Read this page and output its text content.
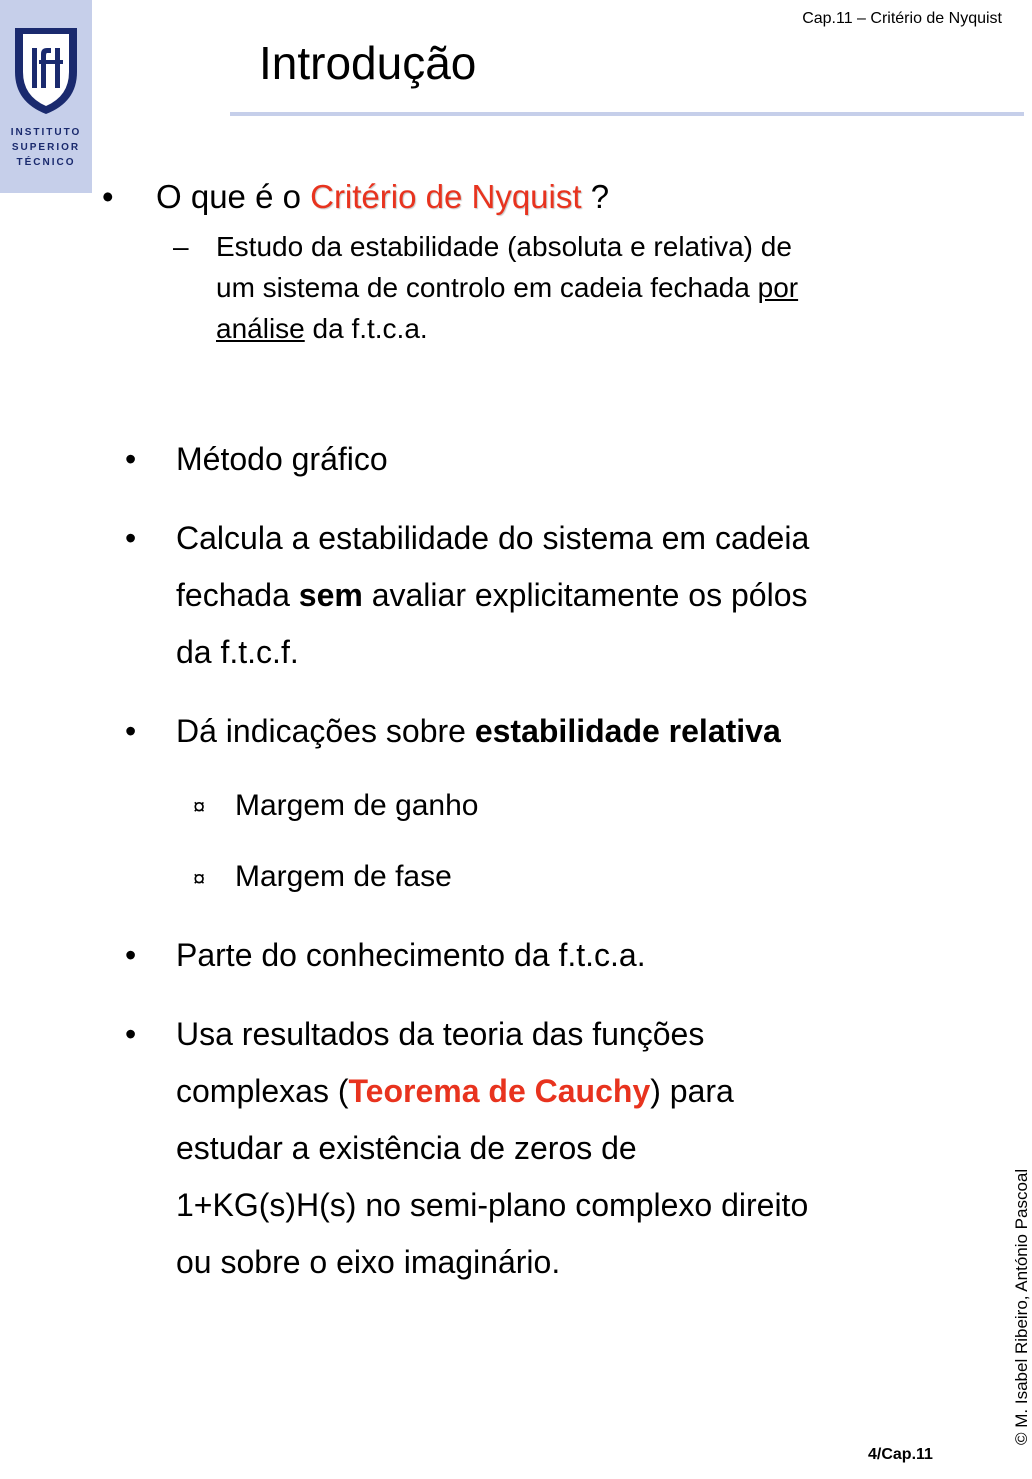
INSTITUTO
SUPERIOR
TÉCNICO
Cap.11 – Critério de Nyquist
Introdução
• O que é o Critério de Nyquist ?
– Estudo da estabilidade (absoluta e relativa) de
um sistema de controlo em cadeia fechada por
análise da f.t.c.a.
• Método gráfico
• Calcula a estabilidade do sistema em cadeia
fechada sem avaliar explicitamente os pólos
da f.t.c.f.
• Dá indicações sobre estabilidade relativa
¤ Margem de ganho
¤ Margem de fase
• Parte do conhecimento da f.t.c.a.
• Usa resultados da teoria das funções
complexas (Teorema de Cauchy) para
estudar a existência de zeros de
1+KG(s)H(s) no semi-plano complexo direito
ou sobre o eixo imaginário.
4/Cap.11
© M. Isabel Ribeiro, António Pascoal
